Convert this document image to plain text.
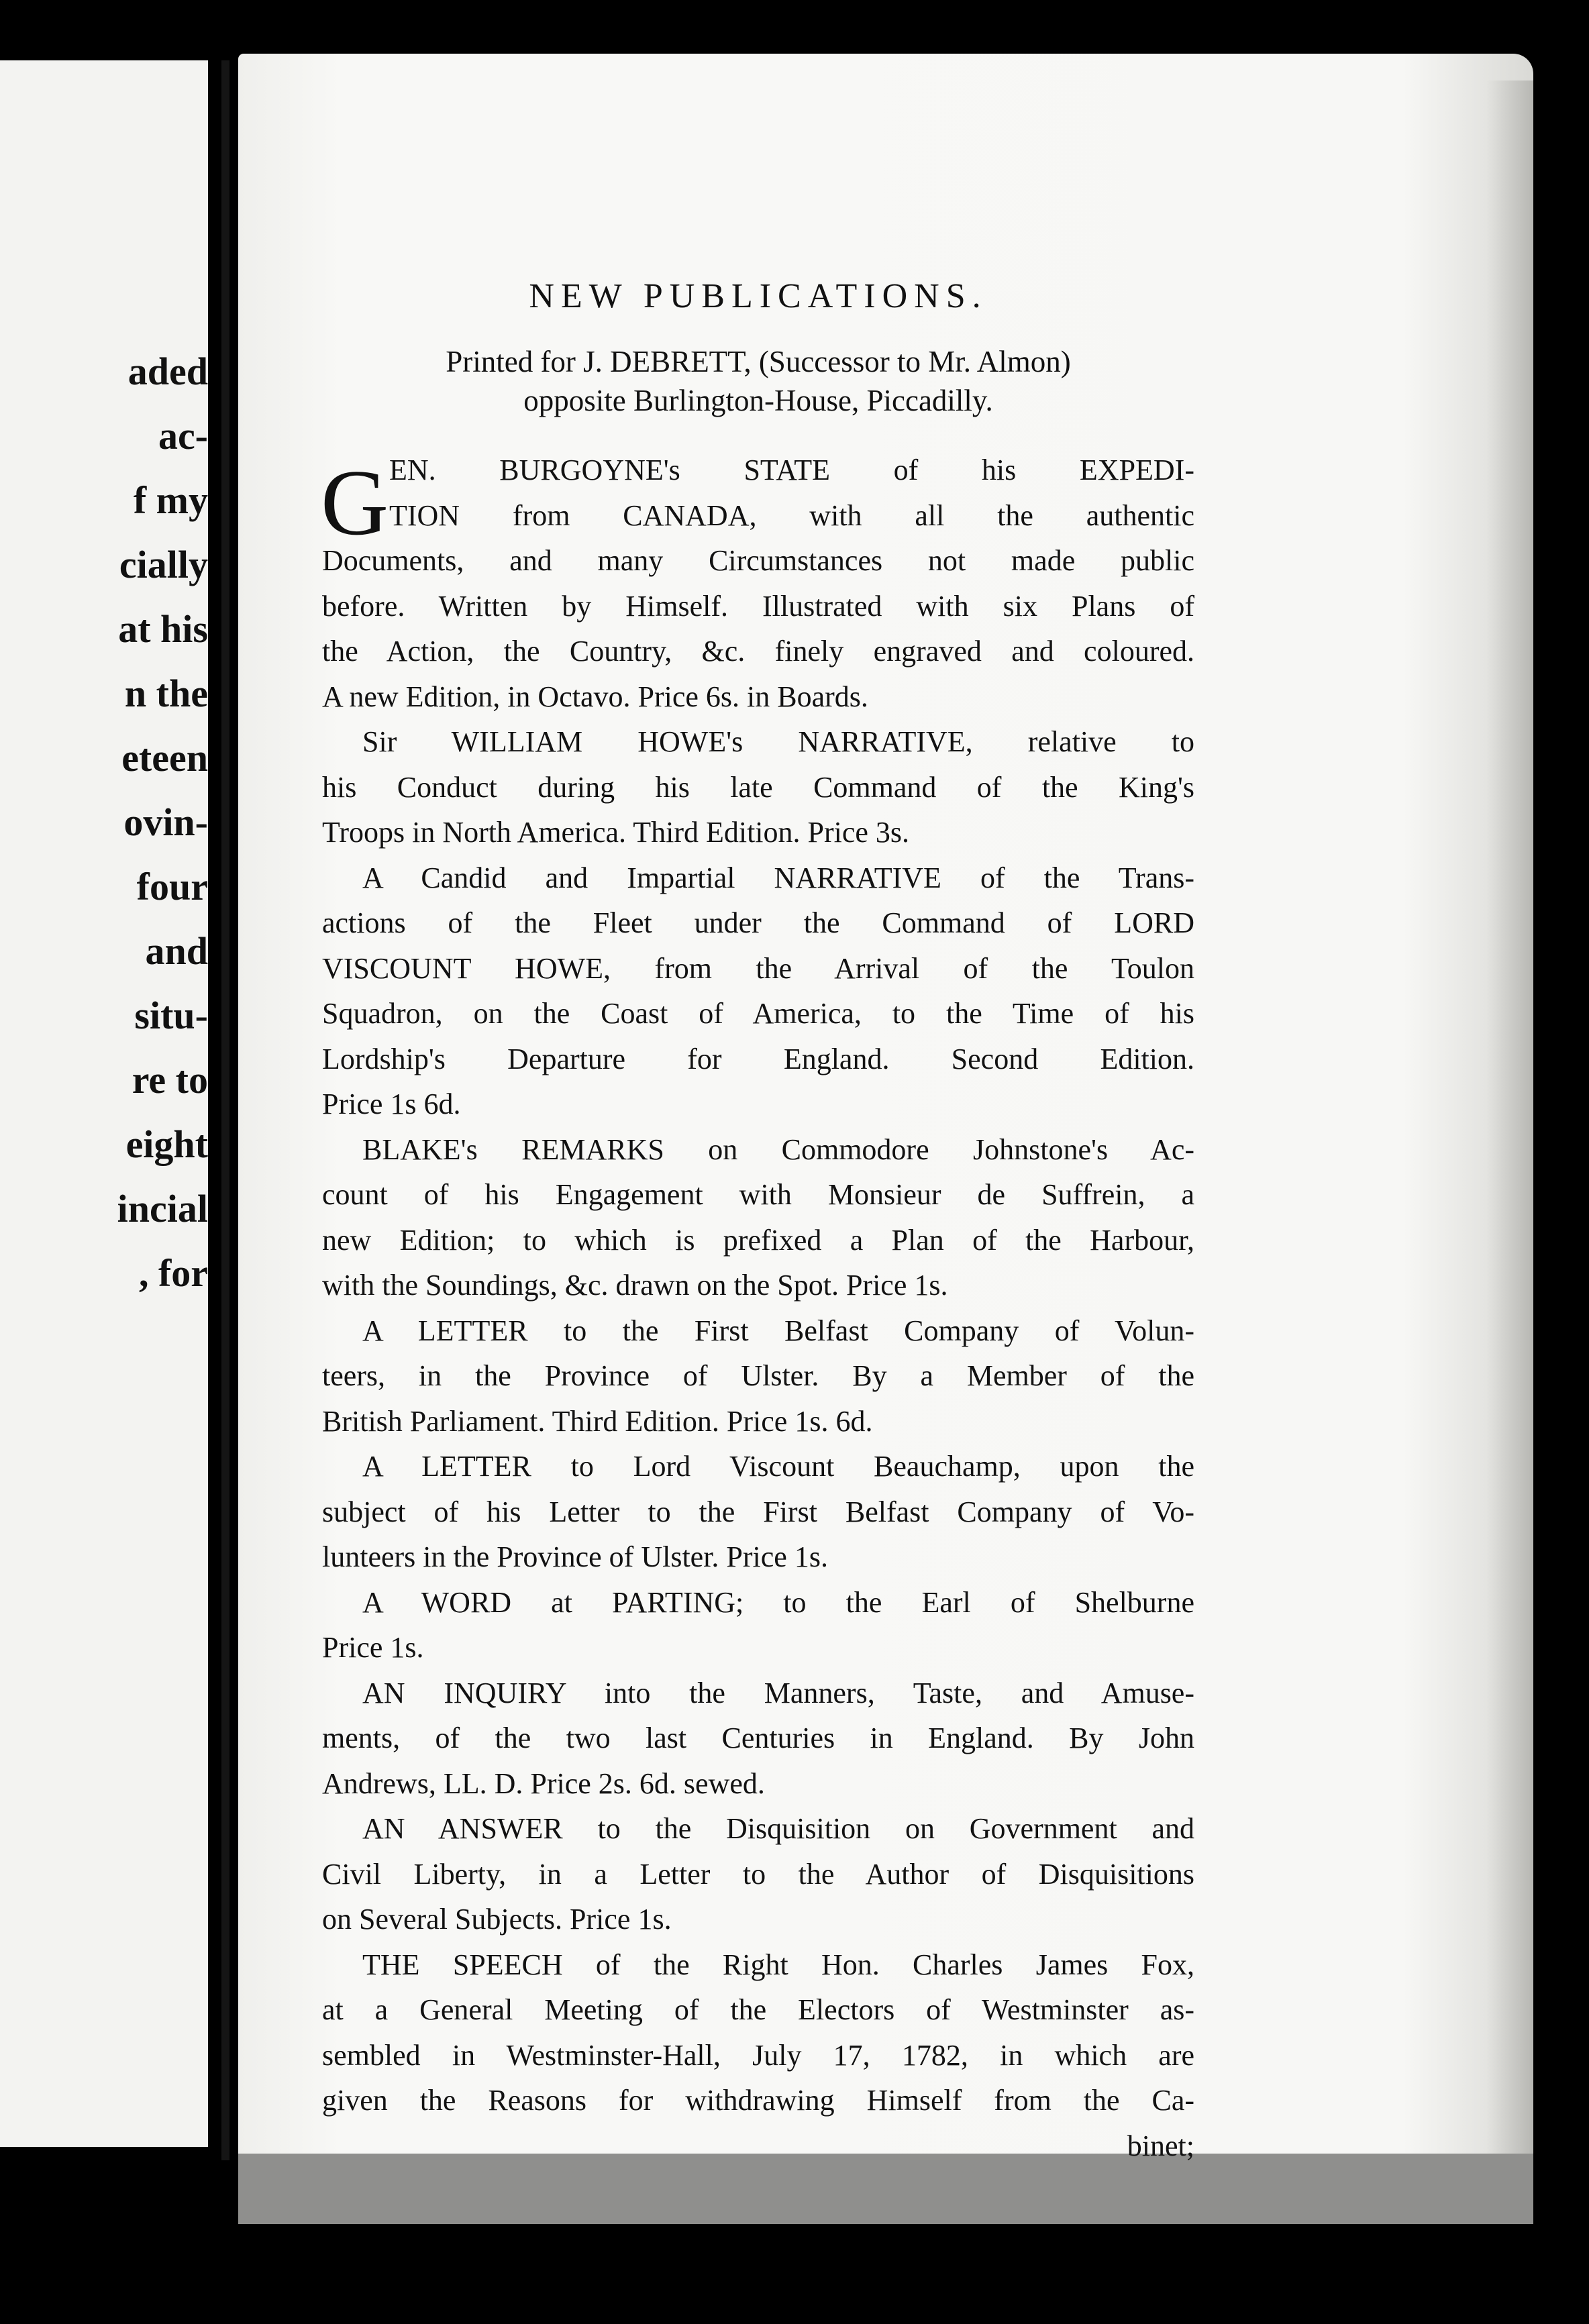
aded
ac-
f my
cially
at his
n the
eteen
ovin-
four
and
situ-
re to
eight
incial
, for
NEW PUBLICATIONS.
Printed for J. DEBRETT, (Successor to Mr. Almon)
opposite Burlington-House, Piccadilly.
G EN. BURGOYNE's STATE of his EXPEDI-
TION from CANADA, with all the authentic
Documents, and many Circumstances not made public
before. Written by Himself. Illustrated with six Plans of
the Action, the Country, &c. finely engraved and coloured.
A new Edition, in Octavo. Price 6s. in Boards.
Sir WILLIAM HOWE's NARRATIVE, relative to
his Conduct during his late Command of the King's
Troops in North America. Third Edition. Price 3s.
A Candid and Impartial NARRATIVE of the Trans-
actions of the Fleet under the Command of LORD
VISCOUNT HOWE, from the Arrival of the Toulon
Squadron, on the Coast of America, to the Time of his
Lordship's Departure for England. Second Edition.
Price 1s 6d.
BLAKE's REMARKS on Commodore Johnstone's Ac-
count of his Engagement with Monsieur de Suffrein, a
new Edition; to which is prefixed a Plan of the Harbour,
with the Soundings, &c. drawn on the Spot. Price 1s.
A LETTER to the First Belfast Company of Volun-
teers, in the Province of Ulster. By a Member of the
British Parliament. Third Edition. Price 1s. 6d.
A LETTER to Lord Viscount Beauchamp, upon the
subject of his Letter to the First Belfast Company of Vo-
lunteers in the Province of Ulster. Price 1s.
A WORD at PARTING; to the Earl of Shelburne
Price 1s.
AN INQUIRY into the Manners, Taste, and Amuse-
ments, of the two last Centuries in England. By John
Andrews, LL. D. Price 2s. 6d. sewed.
AN ANSWER to the Disquisition on Government and
Civil Liberty, in a Letter to the Author of Disquisitions
on Several Subjects. Price 1s.
THE SPEECH of the Right Hon. Charles James Fox,
at a General Meeting of the Electors of Westminster as-
sembled in Westminster-Hall, July 17, 1782, in which are
given the Reasons for withdrawing Himself from the Ca-
binet;
